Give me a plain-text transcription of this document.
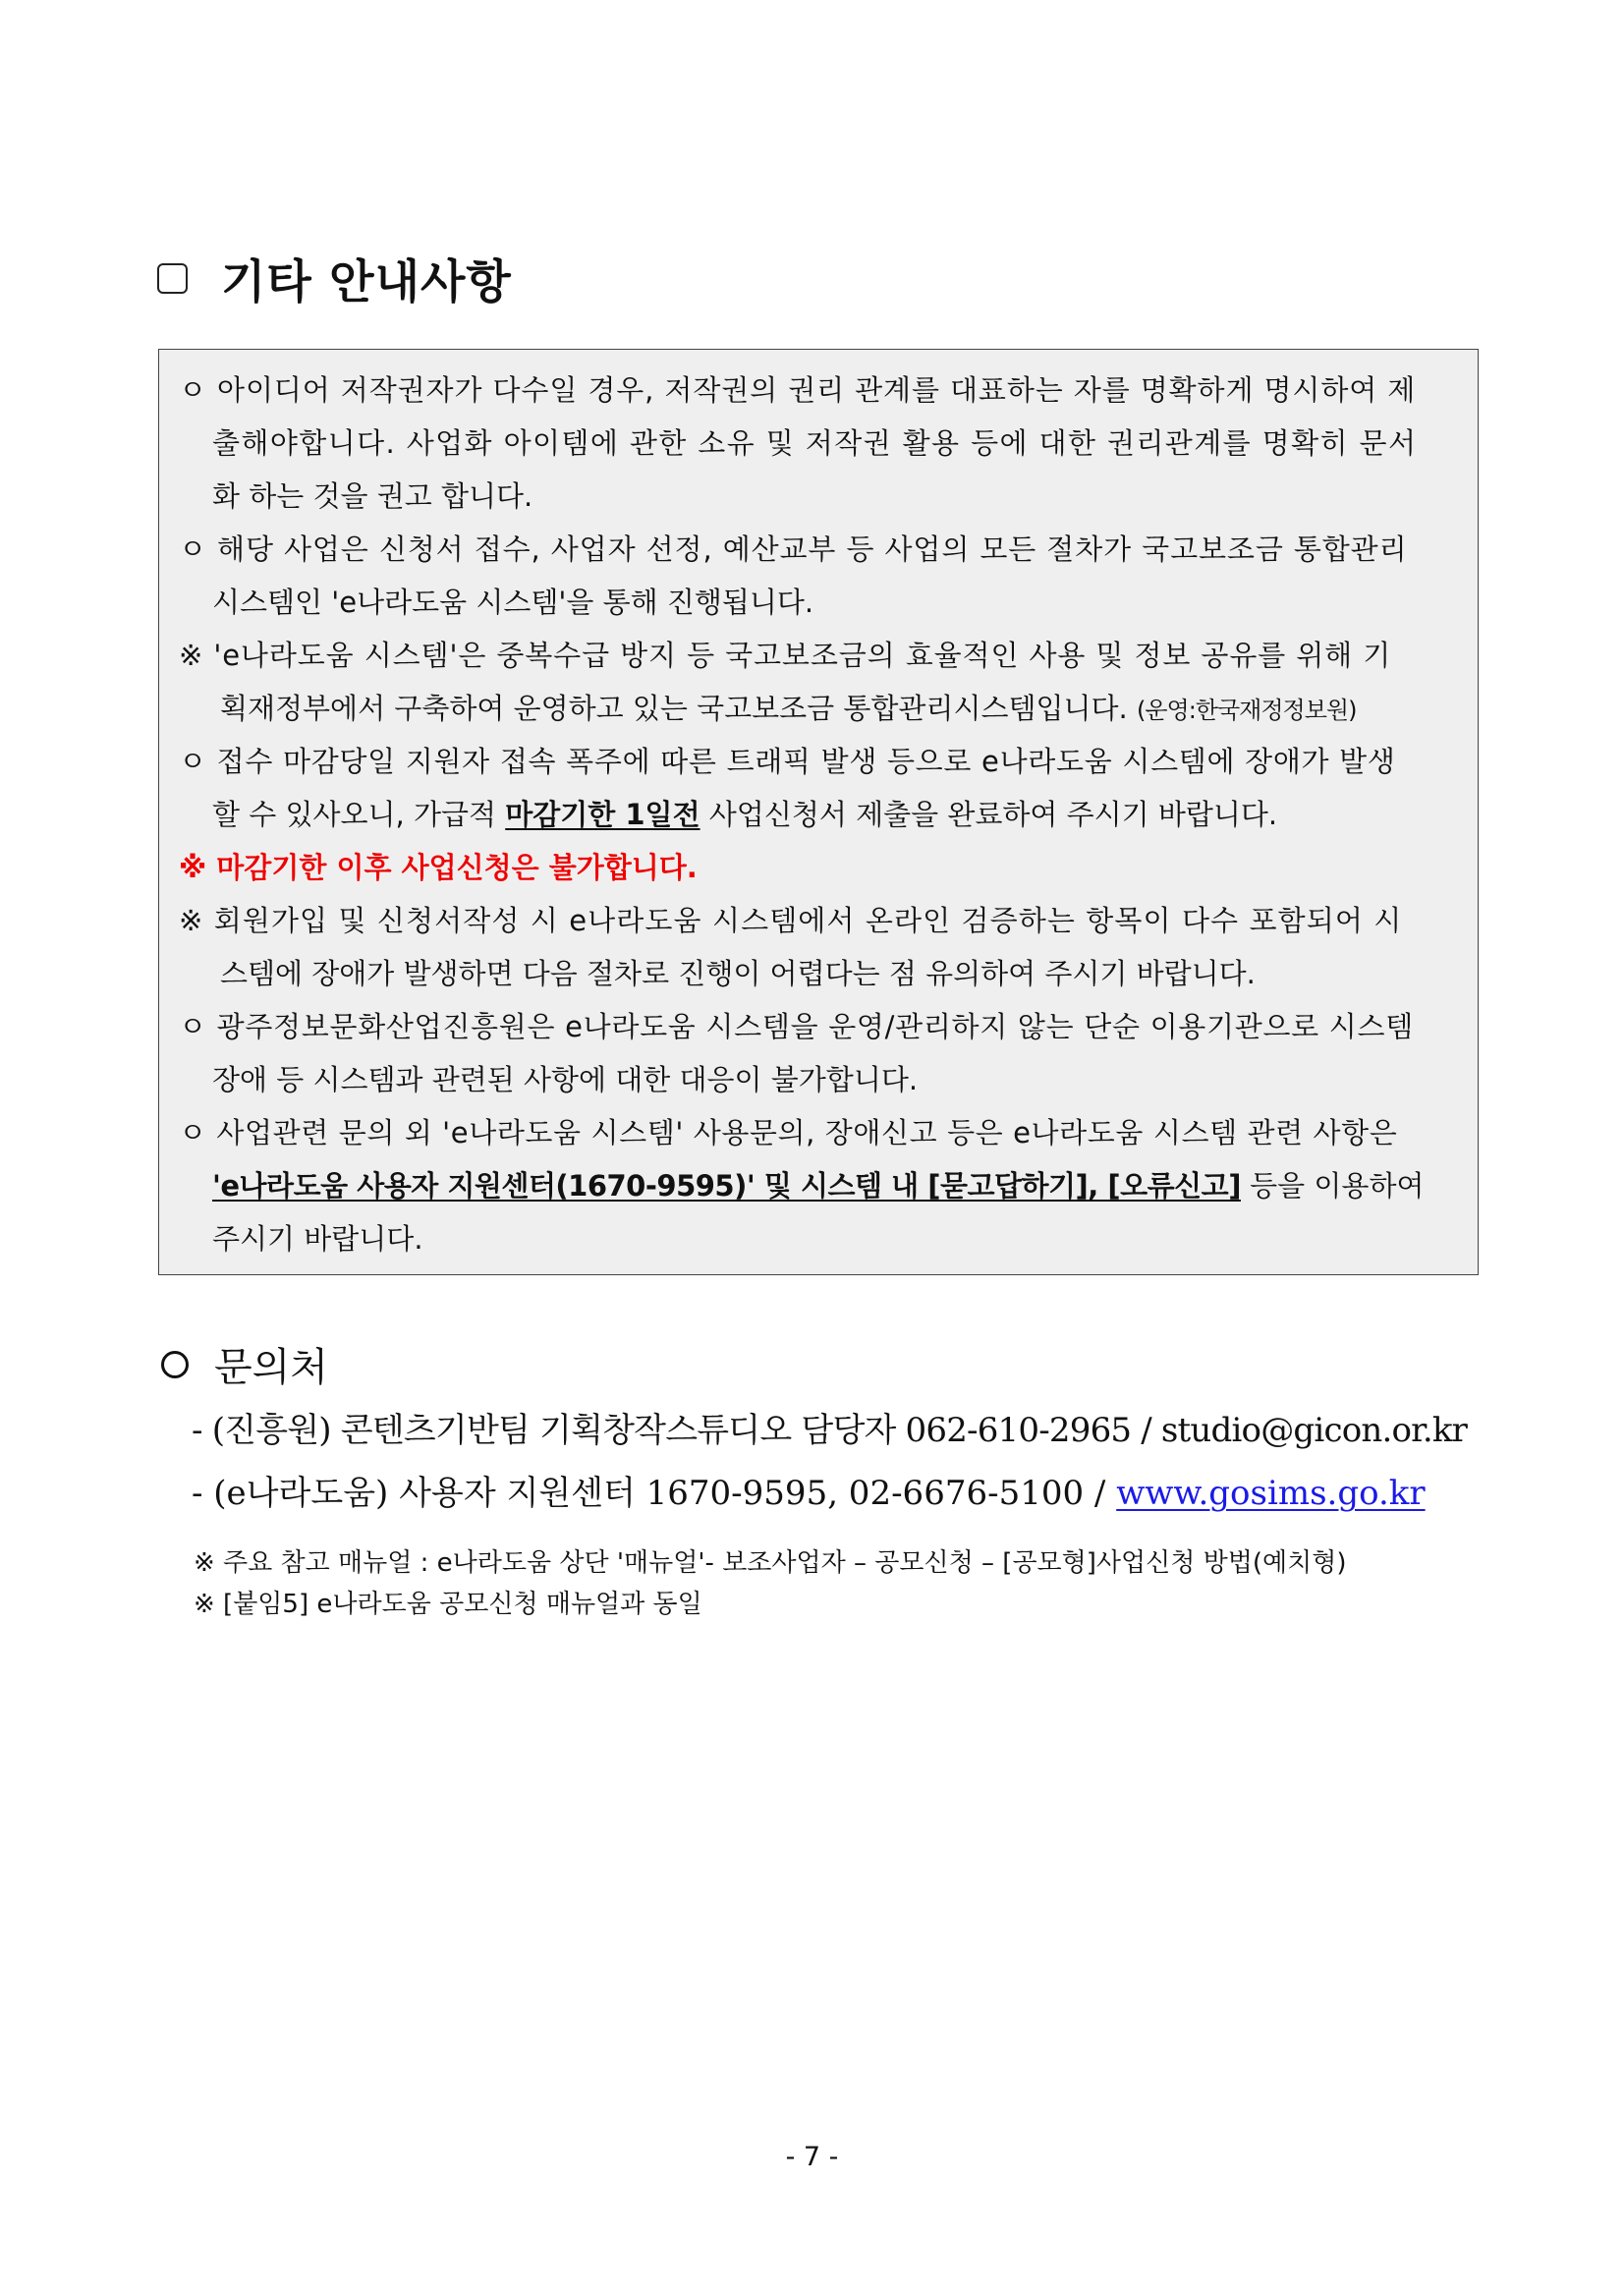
기타 안내사항
ㅇ 아이디어 저작권자가 다수일 경우, 저작권의 권리 관계를 대표하는 자를 명확하게 명시하여 제
출해야합니다. 사업화 아이템에 관한 소유 및 저작권 활용 등에 대한 권리관계를 명확히 문서
화 하는 것을 권고 합니다.
ㅇ 해당 사업은 신청서 접수, 사업자 선정, 예산교부 등 사업의 모든 절차가 국고보조금 통합관리
시스템인 'e나라도움 시스템'을 통해 진행됩니다.
※ 'e나라도움 시스템'은 중복수급 방지 등 국고보조금의 효율적인 사용 및 정보 공유를 위해 기
획재정부에서 구축하여 운영하고 있는 국고보조금 통합관리시스템입니다. (운영:한국재정정보원)
ㅇ 접수 마감당일 지원자 접속 폭주에 따른 트래픽 발생 등으로 e나라도움 시스템에 장애가 발생
할 수 있사오니, 가급적 마감기한 1일전 사업신청서 제출을 완료하여 주시기 바랍니다.
※ 마감기한 이후 사업신청은 불가합니다.
※ 회원가입 및 신청서작성 시 e나라도움 시스템에서 온라인 검증하는 항목이 다수 포함되어 시
스템에 장애가 발생하면 다음 절차로 진행이 어렵다는 점 유의하여 주시기 바랍니다.
ㅇ 광주정보문화산업진흥원은 e나라도움 시스템을 운영/관리하지 않는 단순 이용기관으로 시스템
장애 등 시스템과 관련된 사항에 대한 대응이 불가합니다.
ㅇ 사업관련 문의 외 'e나라도움 시스템' 사용문의, 장애신고 등은 e나라도움 시스템 관련 사항은
'e나라도움 사용자 지원센터(1670-9595)' 및 시스템 내 [묻고답하기], [오류신고] 등을 이용하여
주시기 바랍니다.
문의처
- (진흥원) 콘텐츠기반팀 기획창작스튜디오 담당자 062-610-2965 / studio@gicon.or.kr
- (e나라도움) 사용자 지원센터 1670-9595, 02-6676-5100 / www.gosims.go.kr
※ 주요 참고 매뉴얼 : e나라도움 상단 '매뉴얼'- 보조사업자 – 공모신청 – [공모형]사업신청 방법(예치형)
※ [붙임5] e나라도움 공모신청 매뉴얼과 동일
- 7 -
